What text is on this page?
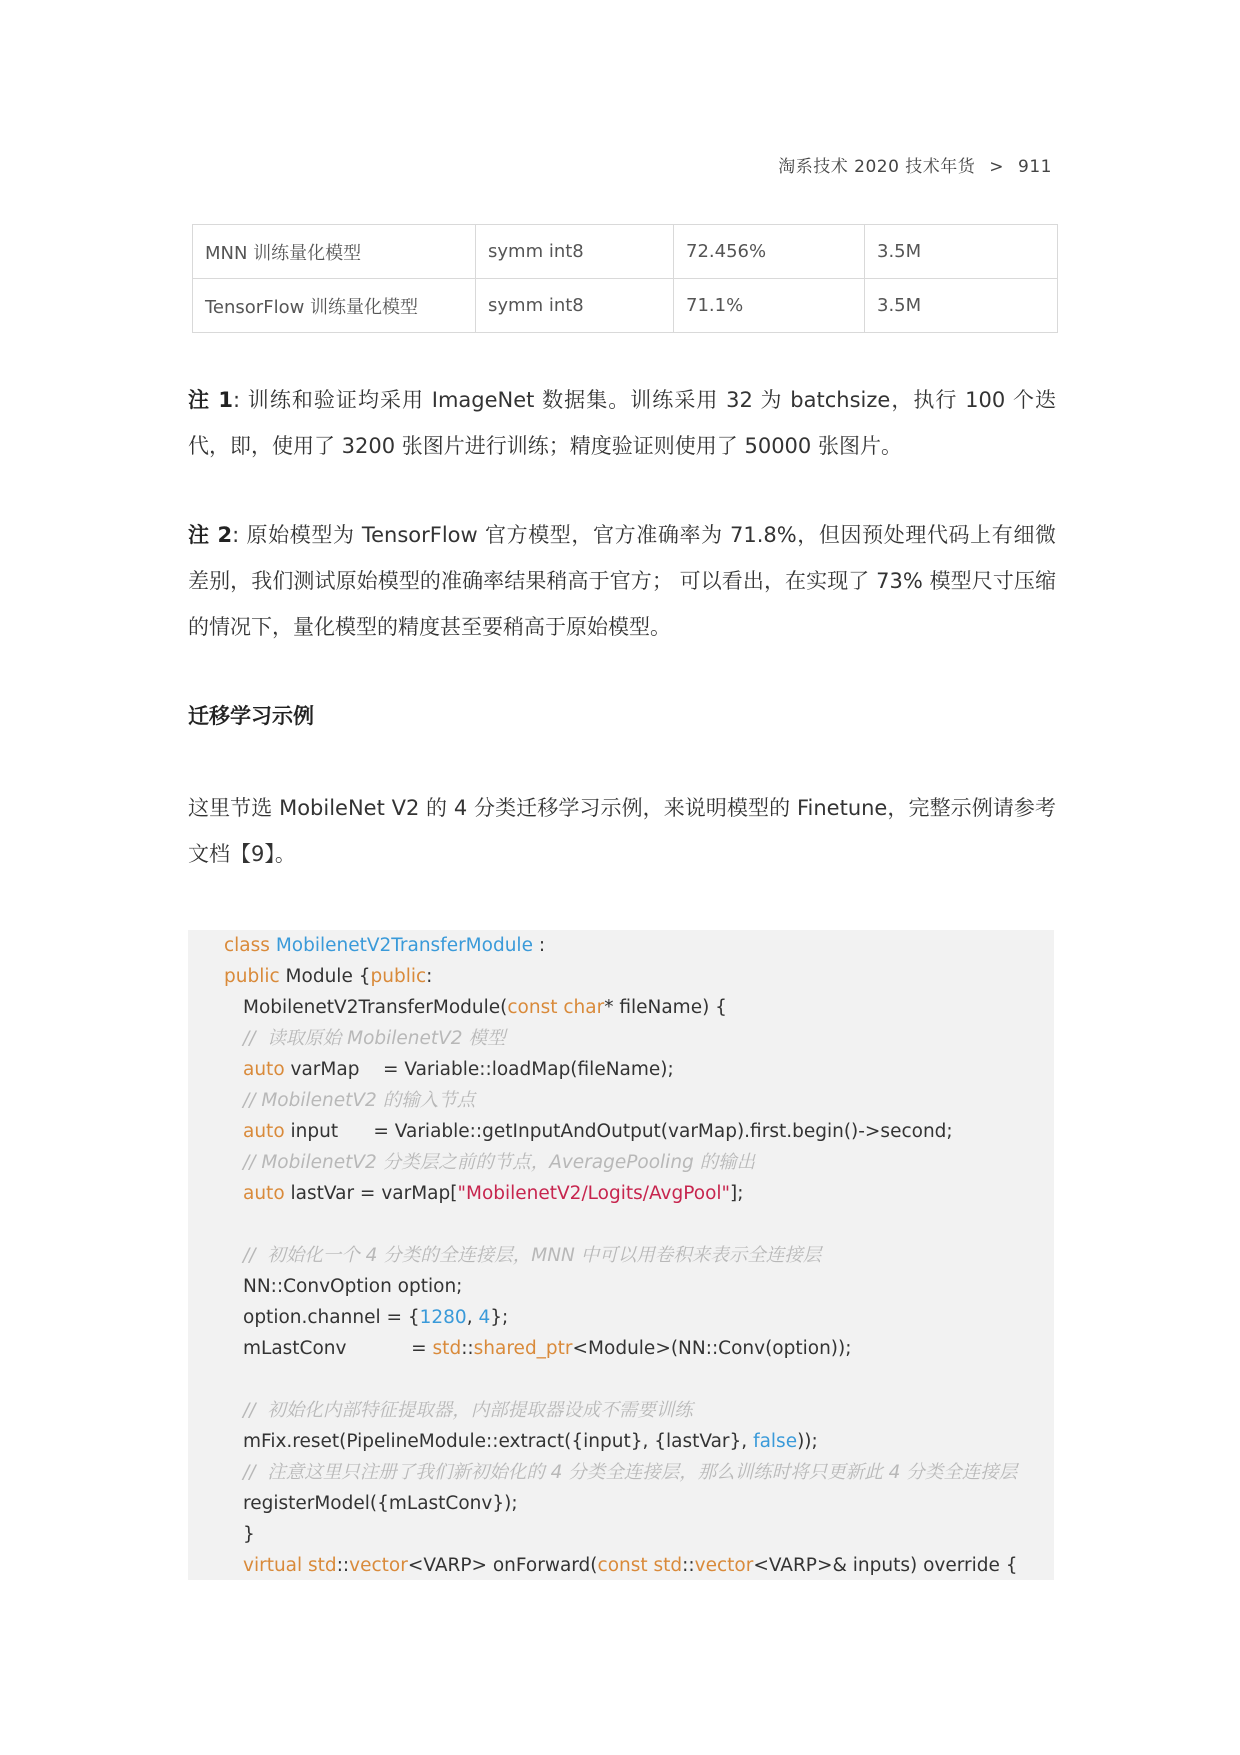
淘系技术 2020 技术年货 > 911
MNN 训练量化模型	symm int8	72.456%	3.5M
TensorFlow 训练量化模型	symm int8	71.1%	3.5M
注 1: 训练和验证均采用 ImageNet 数据集。训练采用 32 为 batchsize，执行 100 个迭代，即，使用了 3200 张图片进行训练；精度验证则使用了 50000 张图片。
注 2: 原始模型为 TensorFlow 官方模型，官方准确率为 71.8%，但因预处理代码上有细微差别，我们测试原始模型的准确率结果稍高于官方； 可以看出，在实现了 73% 模型尺寸压缩的情况下，量化模型的精度甚至要稍高于原始模型。
迁移学习示例
这里节选 MobileNet V2 的 4 分类迁移学习示例，来说明模型的 Finetune，完整示例请参考文档【9】。
class MobilenetV2TransferModule :
public Module {public:
MobilenetV2TransferModule(const char* fileName) {
//  读取原始 MobilenetV2 模型
auto varMap    = Variable::loadMap(fileName);
// MobilenetV2 的输入节点
auto input      = Variable::getInputAndOutput(varMap).first.begin()->second;
// MobilenetV2 分类层之前的节点，AveragePooling 的输出
auto lastVar = varMap["MobilenetV2/Logits/AvgPool"];
//  初始化一个 4 分类的全连接层，MNN 中可以用卷积来表示全连接层
NN::ConvOption option;
option.channel = {1280, 4};
mLastConv           = std::shared_ptr<Module>(NN::Conv(option));
//  初始化内部特征提取器，内部提取器设成不需要训练
mFix.reset(PipelineModule::extract({input}, {lastVar}, false));
//  注意这里只注册了我们新初始化的 4 分类全连接层，那么训练时将只更新此 4 分类全连接层
registerModel({mLastConv});
}
virtual std::vector<VARP> onForward(const std::vector<VARP>& inputs) override {
